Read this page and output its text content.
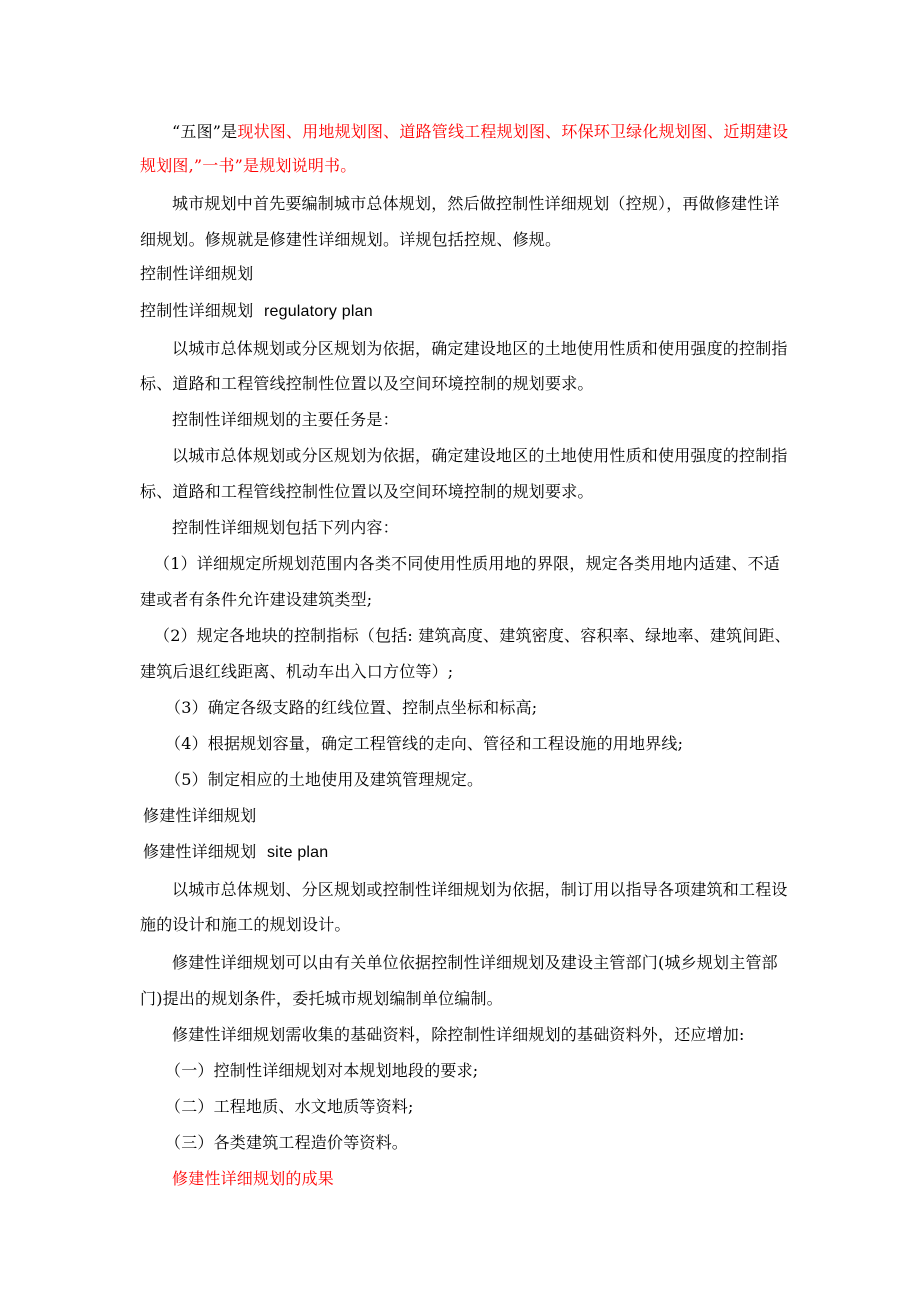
“五图”是现状图、用地规划图、道路管线工程规划图、环保环卫绿化规划图、近期建设
规划图,”一书”是规划说明书。
城市规划中首先要编制城市总体规划，然后做控制性详细规划（控规），再做修建性详
细规划。修规就是修建性详细规划。详规包括控规、修规。
控制性详细规划
控制性详细规划 regulatory plan
以城市总体规划或分区规划为依据，确定建设地区的土地使用性质和使用强度的控制指
标、道路和工程管线控制性位置以及空间环境控制的规划要求。
控制性详细规划的主要任务是：
以城市总体规划或分区规划为依据，确定建设地区的土地使用性质和使用强度的控制指
标、道路和工程管线控制性位置以及空间环境控制的规划要求。
控制性详细规划包括下列内容：
（1）详细规定所规划范围内各类不同使用性质用地的界限，规定各类用地内适建、不适
建或者有条件允许建设建筑类型;
（2）规定各地块的控制指标（包括: 建筑高度、建筑密度、容积率、绿地率、建筑间距、
建筑后退红线距离、机动车出入口方位等）;
（3）确定各级支路的红线位置、控制点坐标和标高;
（4）根据规划容量，确定工程管线的走向、管径和工程设施的用地界线;
（5）制定相应的土地使用及建筑管理规定。
修建性详细规划
修建性详细规划 site plan
以城市总体规划、分区规划或控制性详细规划为依据，制订用以指导各项建筑和工程设
施的设计和施工的规划设计。
修建性详细规划可以由有关单位依据控制性详细规划及建设主管部门(城乡规划主管部
门)提出的规划条件，委托城市规划编制单位编制。
修建性详细规划需收集的基础资料，除控制性详细规划的基础资料外，还应增加:
（一）控制性详细规划对本规划地段的要求;
（二）工程地质、水文地质等资料;
（三）各类建筑工程造价等资料。
修建性详细规划的成果
